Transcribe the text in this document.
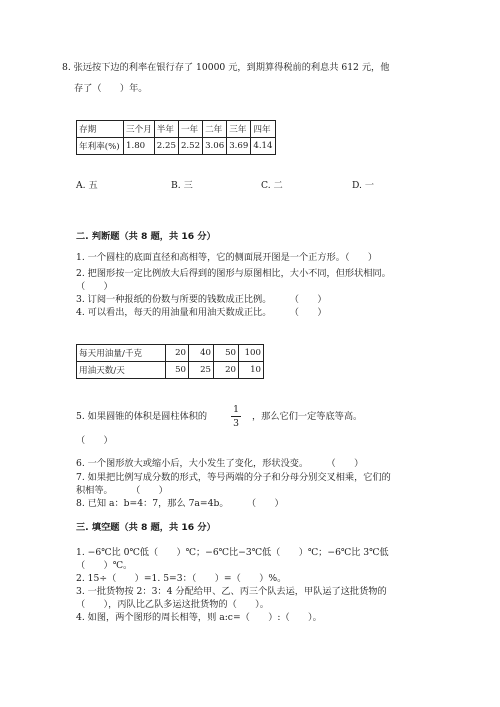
8. 张远按下边的利率在银行存了 10000 元，到期算得税前的利息共 612 元，他
存了（　　）年。
存期	三个月	半年	一年	二年	三年	四年
年利率(%)	1.80	2.25	2.52	3.06	3.69	4.14
A. 五	B. 三	C. 二	D. 一
二. 判断题（共 8 题，共 16 分）
1. 一个圆柱的底面直径和高相等，它的侧面展开图是一个正方形。（　　）
2. 把图形按一定比例放大后得到的图形与原图相比，大小不同，但形状相同。
（　　）
3. 订阅一种报纸的份数与所要的钱数成正比例。　　　（　　）
4. 可以看出，每天的用油量和用油天数成正比。　　　（　　）
每天用油量/千克	20	40	50	100
用油天数/天	50	25	20	10
5. 如果圆锥的体积是圆柱体积的
1
3
，那么它们一定等底等高。
（　　）
6. 一个图形放大或缩小后，大小发生了变化，形状没变。　　　（　　）
7. 如果把比例写成分数的形式，等号两端的分子和分母分别交叉相乘，它们的
积相等。　　　（　　）
8. 已知 a：b=4：7，那么 7a=4b。　　　（　　）
三. 填空题（共 8 题，共 16 分）
1. −6℃比 0℃低（　　）℃；−6℃比−3℃低（　　）℃；−6℃比 3℃低
（　　）℃。
2. 15÷（　　）=1. 5=3：（　　）=（　　）%。
3. 一批货物按 2：3：4 分配给甲、乙、丙三个队去运，甲队运了这批货物的
（　　），丙队比乙队多运这批货物的（　　）。
4. 如图，两个图形的周长相等，则 a:c=（　　）:（　　）。
